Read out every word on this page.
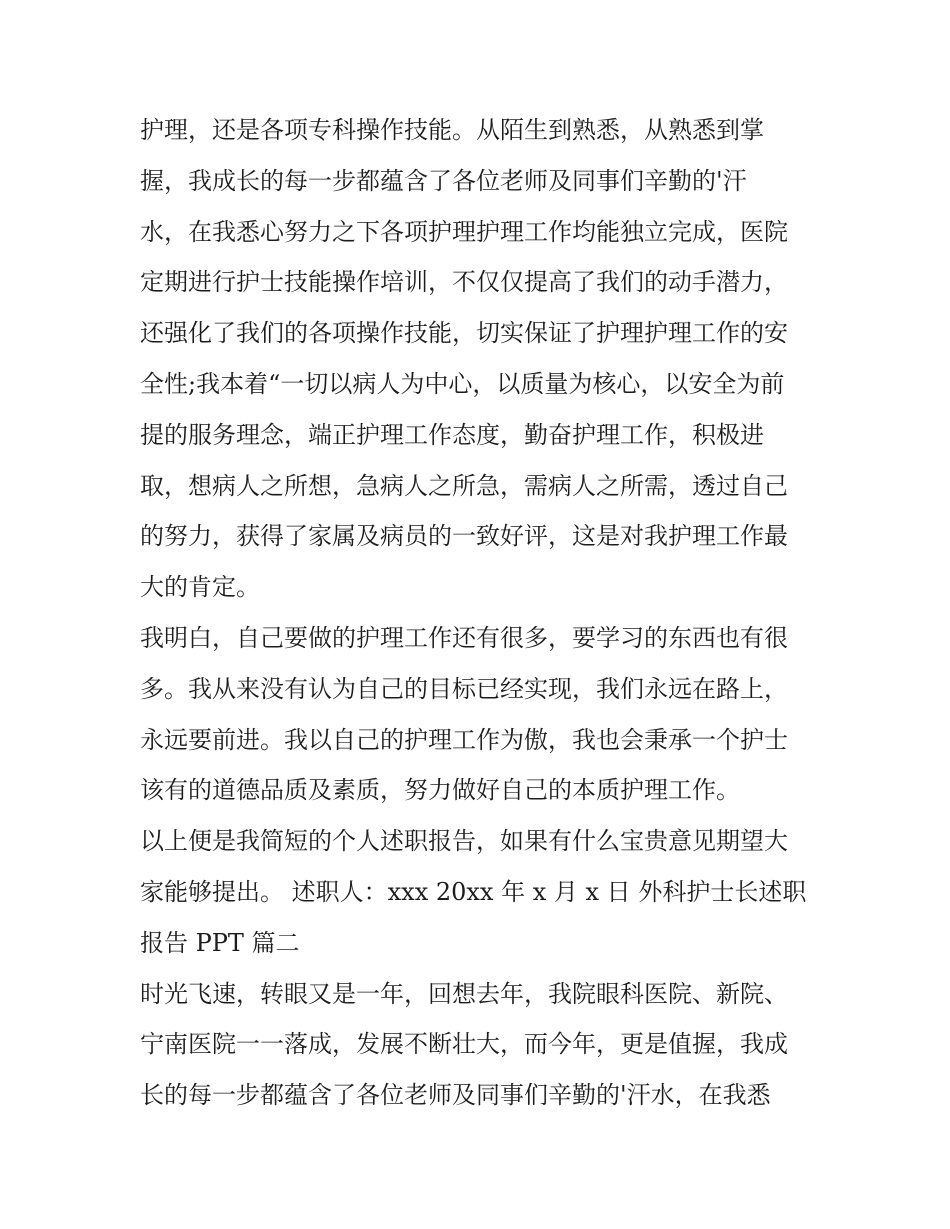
护理，还是各项专科操作技能。从陌生到熟悉，从熟悉到掌
握，我成长的每一步都蕴含了各位老师及同事们辛勤的'汗
水，在我悉心努力之下各项护理护理工作均能独立完成，医院
定期进行护士技能操作培训，不仅仅提高了我们的动手潜力，
还强化了我们的各项操作技能，切实保证了护理护理工作的安
全性;我本着“一切以病人为中心，以质量为核心，以安全为前
提的服务理念，端正护理工作态度，勤奋护理工作，积极进
取，想病人之所想，急病人之所急，需病人之所需，透过自己
的努力，获得了家属及病员的一致好评，这是对我护理工作最
大的肯定。
我明白，自己要做的护理工作还有很多，要学习的东西也有很
多。我从来没有认为自己的目标已经实现，我们永远在路上，
永远要前进。我以自己的护理工作为傲，我也会秉承一个护士
该有的道德品质及素质，努力做好自己的本质护理工作。
以上便是我简短的个人述职报告，如果有什么宝贵意见期望大
家能够提出。 述职人：xxx 20xx 年 x 月 x 日 外科护士长述职
报告 PPT 篇二
时光飞速，转眼又是一年，回想去年，我院眼科医院、新院、
宁南医院一一落成，发展不断壮大，而今年，更是值握，我成
长的每一步都蕴含了各位老师及同事们辛勤的'汗水，在我悉
